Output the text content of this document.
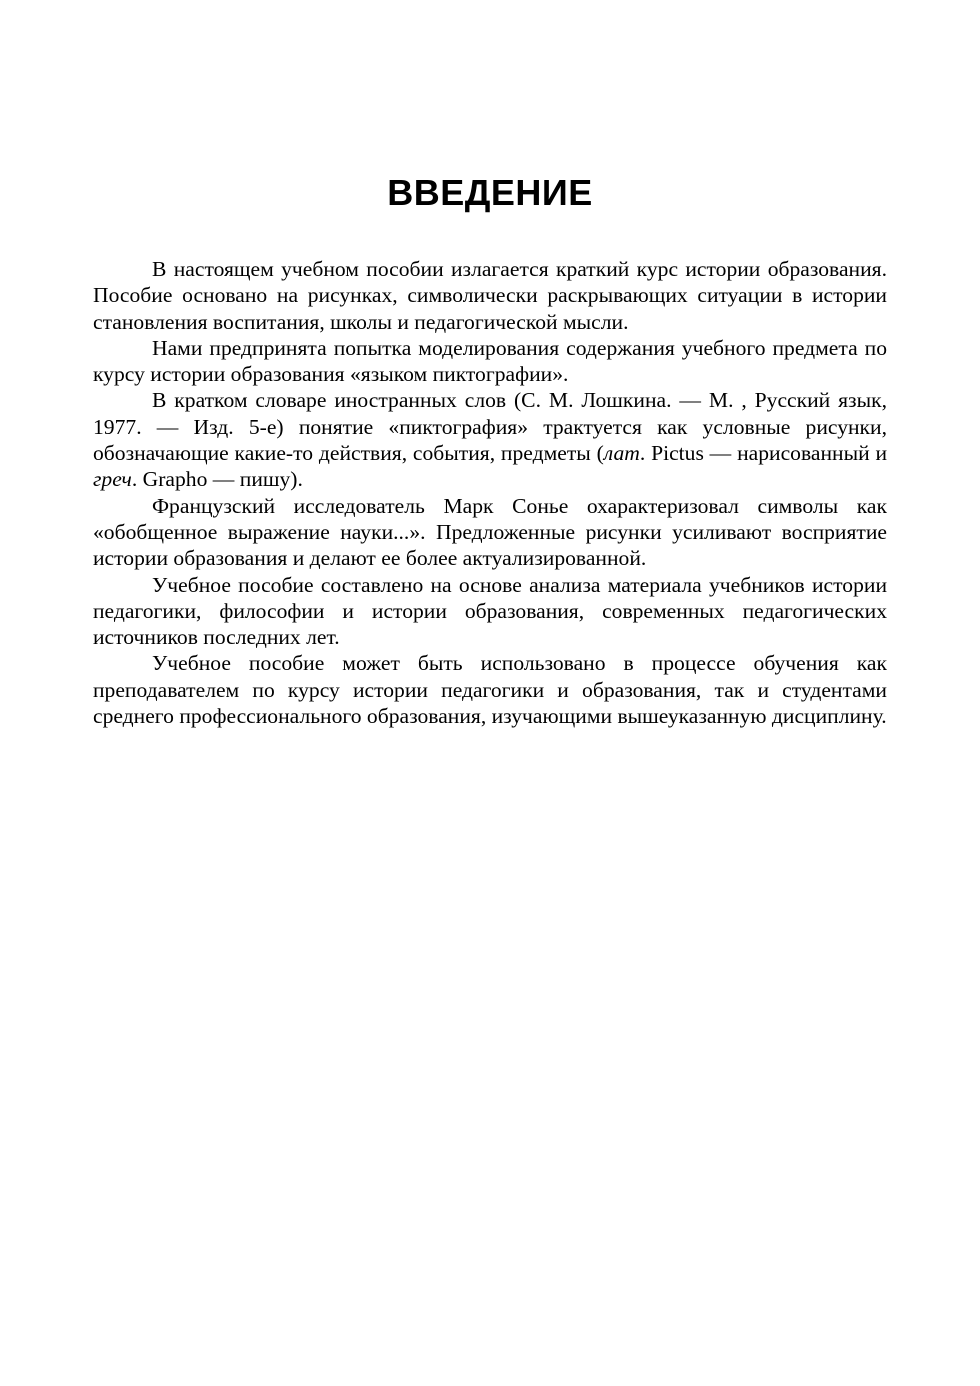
ВВЕДЕНИЕ

В настоящем учебном пособии излагается краткий курс истории образования. Пособие основано на рисунках, символически раскрывающих ситуации в истории становления воспитания, школы и педагогической мысли.

Нами предпринята попытка моделирования содержания учебного предмета по курсу истории образования «языком пиктографии».

В кратком словаре иностранных слов (С. М. Лошкина. — М. , Русский язык, 1977. — Изд. 5-е) понятие «пиктография» трактуется как условные рисунки, обозначающие какие-то действия, события, предметы (лат. Pictus — нарисованный и греч. Grapho — пишу).

Французский исследователь Марк Сонье охарактеризовал символы как «обобщенное выражение науки...». Предложенные рисунки усиливают восприятие истории образования и делают ее более актуализированной.

Учебное пособие составлено на основе анализа материала учебников истории педагогики, философии и истории образования, современных педагогических источников последних лет.

Учебное пособие может быть использовано в процессе обучения как преподавателем по курсу истории педагогики и образования, так и студентами среднего профессионального образования, изучающими вышеуказанную дисциплину.
